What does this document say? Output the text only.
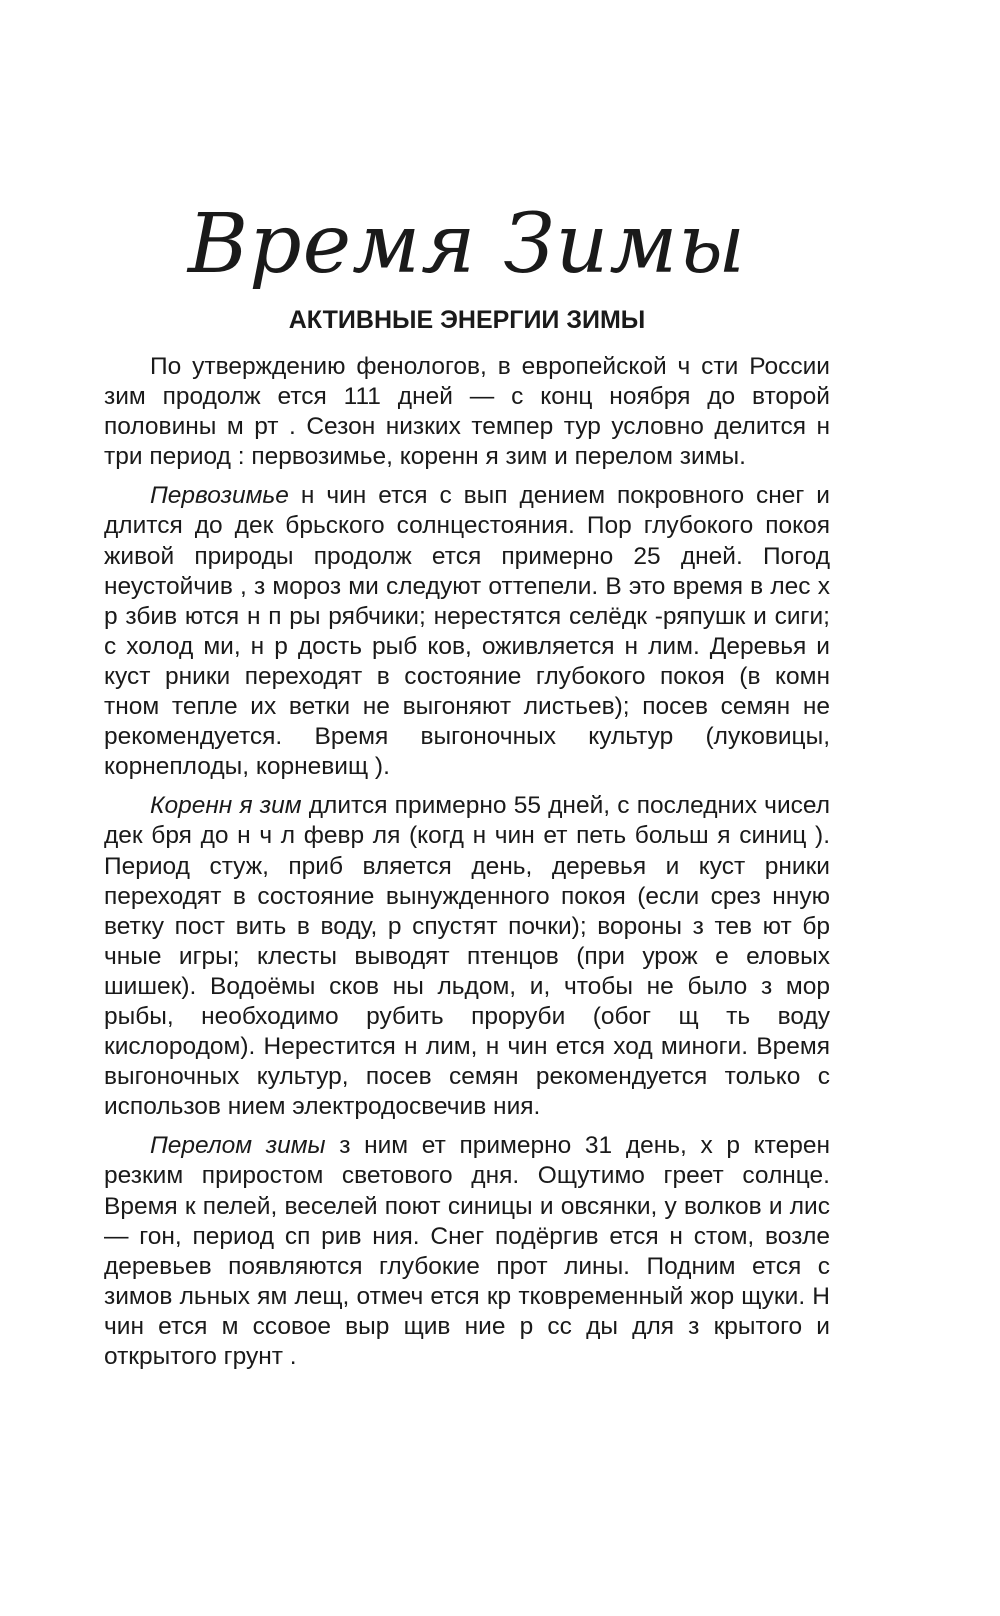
Время Зимы
АКТИВНЫЕ ЭНЕРГИИ ЗИМЫ

По утверждению фенологов, в европейской ч сти России зим продолж ется 111 дней — с конц ноября до второй половины м рт . Сезон низких темпер тур условно делится н три период : первозимье, коренн я зим и перелом зимы.

Первозимье н чин ется с вып дением покровного снег и длится до дек брьского солнцестояния. Пор глубокого покоя живой природы продолж ется примерно 25 дней. Погод неустойчив , з мороз ми следуют оттепели. В это время в лес х р збив ются н п ры рябчики; нерестятся селёдк -ряпушк и сиги; с холод ми, н р дость рыб ков, оживляется н лим. Деревья и куст рники переходят в состояние глубокого покоя (в комн тном тепле их ветки не выгоняют листьев); посев семян не рекомендуется. Время выгоночных культур (луковицы, корнеплоды, корневищ ).

Коренн я зим длится примерно 55 дней, с последних чисел дек бря до н ч л февр ля (когд н чин ет петь больш я синиц ). Период стуж, приб вляется день, деревья и куст рники переходят в состояние вынужденного покоя (если срез нную ветку пост вить в воду, р спустят почки); вороны з тев ют бр чные игры; клесты выводят птенцов (при урож е еловых шишек). Водоёмы сков ны льдом, и, чтобы не было з мор рыбы, необходимо рубить проруби (обог щ ть воду кислородом). Нерестится н лим, н чин ется ход миноги. Время выгоночных культур, посев семян рекомендуется только с использов нием электродосвечив ния.

Перелом зимы з ним ет примерно 31 день, х р ктерен резким приростом светового дня. Ощутимо греет солнце. Время к пелей, веселей поют синицы и овсянки, у волков и лис — гон, период сп рив ния. Снег подёргив ется н стом, возле деревьев появляются глубокие прот лины. Подним ется с зимов льных ям лещ, отмеч ется кр тковременный жор щуки. Н чин ется м ссовое выр щив ние р сс ды для з крытого и открытого грунт .
